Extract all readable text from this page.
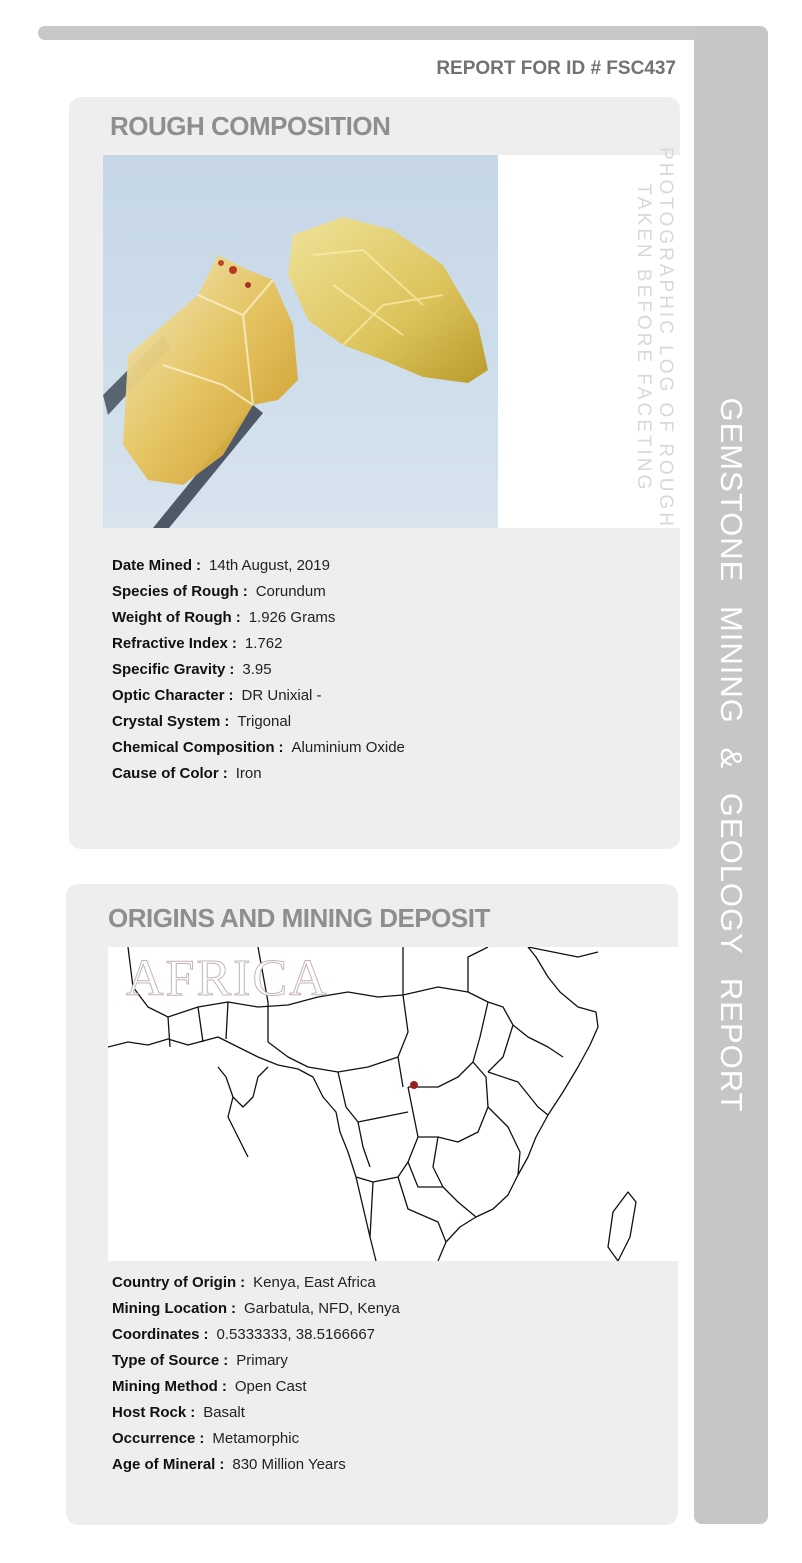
GEMSTONE MINING & GEOLOGY REPORT
REPORT FOR ID # FSC437
ROUGH COMPOSITION
PHOTOGRAPHIC LOG OF ROUGH
TAKEN BEFORE FACETING
Date Mined : 14th August, 2019
Species of Rough : Corundum
Weight of Rough : 1.926 Grams
Refractive Index : 1.762
Specific Gravity : 3.95
Optic Character : DR Unixial -
Crystal System : Trigonal
Chemical Composition : Aluminium Oxide
Cause of Color : Iron
ORIGINS AND MINING DEPOSIT
AFRICA
Country of Origin : Kenya, East Africa
Mining Location : Garbatula, NFD, Kenya
Coordinates : 0.5333333, 38.5166667
Type of Source : Primary
Mining Method : Open Cast
Host Rock : Basalt
Occurrence : Metamorphic
Age of Mineral : 830 Million Years
